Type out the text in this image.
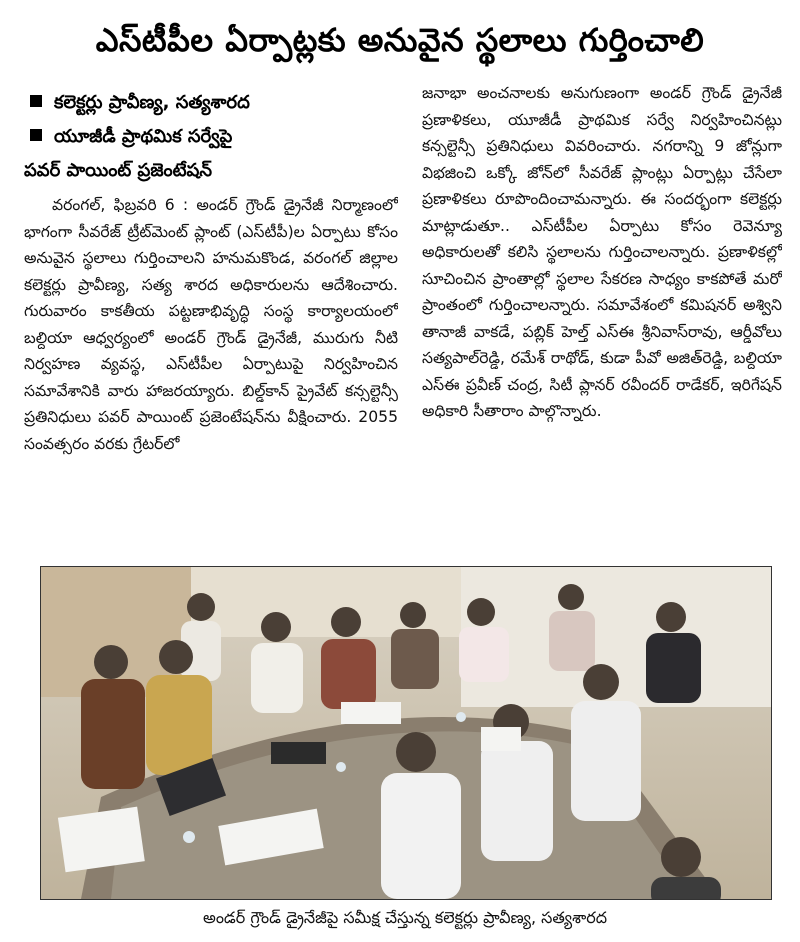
ఎస్‌టీపీల ఏర్పాట్లకు అనువైన స్థలాలు గుర్తించాలి
కలెక్టర్లు ప్రావీణ్య, సత్యశారద
యూజీడీ ప్రాథమిక సర్వేపై
పవర్ పాయింట్ ప్రజెంటేషన్

వరంగల్, ఫిబ్రవరి 6 : అండర్ గ్రౌండ్ డ్రైనేజీ నిర్మాణంలో భాగంగా సీవరేజ్ ట్రీట్‌మెంట్ ప్లాంట్ (ఎస్‌టీపీ)ల ఏర్పాటు కోసం అనువైన స్థలాలు గుర్తించాలని హనుమకొండ, వరంగల్ జిల్లాల కలెక్టర్లు ప్రావీణ్య, సత్య శారద అధికారులను ఆదేశించారు. గురువారం కాకతీయ పట్టణాభివృద్ధి సంస్థ కార్యాలయంలో బల్దియా ఆధ్వర్యంలో అండర్ గ్రౌండ్ డ్రైనేజీ, మురుగు నీటి నిర్వహణ వ్యవస్థ, ఎస్‌టీపీల ఏర్పాటుపై నిర్వహించిన సమావేశానికి వారు హాజరయ్యారు. బిల్డ్‌కాన్ ప్రైవేట్ కన్సల్టెన్సీ ప్రతినిధులు పవర్ పాయింట్ ప్రజెంటేషన్‌ను వీక్షించారు. 2055 సంవత్సరం వరకు గ్రేటర్‌లో

జనాభా అంచనాలకు అనుగుణంగా అండర్ గ్రౌండ్ డ్రైనేజీ ప్రణాళికలు, యూజీడీ ప్రాథమిక సర్వే నిర్వహించినట్లు కన్సల్టెన్సీ ప్రతినిధులు వివరించారు. నగరాన్ని 9 జోన్లుగా విభజించి ఒక్కో జోన్‌లో సీవరేజ్ ప్లాంట్లు ఏర్పాట్లు చేసేలా ప్రణాళికలు రూపొందించామన్నారు. ఈ సందర్భంగా కలెక్టర్లు మాట్లాడుతూ.. ఎస్‌టీపీల ఏర్పాటు కోసం రెవెన్యూ అధికారులతో కలిసి స్థలాలను గుర్తించాలన్నారు. ప్రణాళికల్లో సూచించిన ప్రాంతాల్లో స్థలాల సేకరణ సాధ్యం కాకపోతే మరో ప్రాంతంలో గుర్తించాలన్నారు. సమావేశంలో కమిషనర్ అశ్విని తానాజీ వాకడే, పబ్లిక్ హెల్త్ ఎస్ఈ శ్రీనివాస్‌రావు, ఆర్డీవోలు సత్యపాల్‌రెడ్డి, రమేశ్ రాథోడ్, కుడా పీవో అజిత్‌రెడ్డి, బల్దియా ఎస్ఈ ప్రవీణ్ చంద్ర, సిటీ ప్లానర్ రవీందర్ రాడేకర్, ఇరిగేషన్ అధికారి సీతారాం పాల్గొన్నారు.

అండర్ గ్రౌండ్ డ్రైనేజీపై సమీక్ష చేస్తున్న కలెక్టర్లు ప్రావీణ్య, సత్యశారద
